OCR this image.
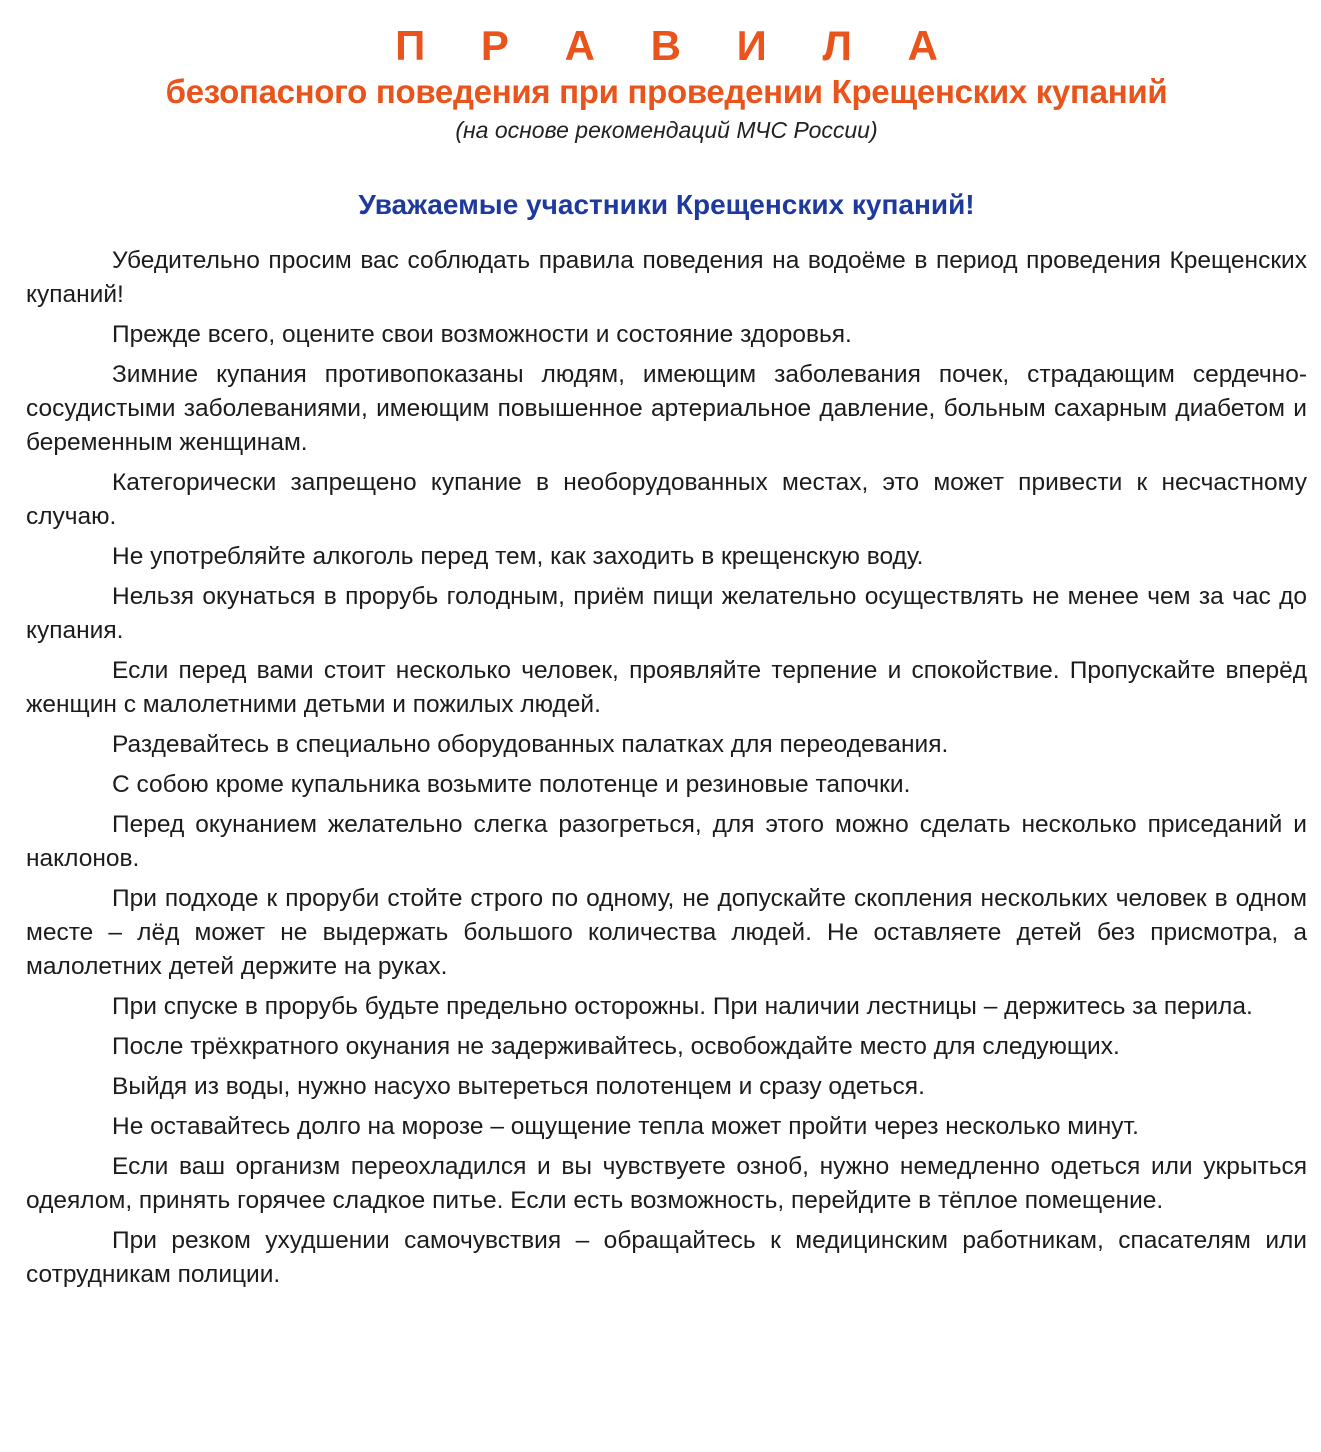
П Р А В И Л А
безопасного поведения при проведении Крещенских купаний
(на основе рекомендаций МЧС России)
Уважаемые участники Крещенских купаний!

Убедительно просим вас соблюдать правила поведения на водоёме в период проведения Крещенских купаний!

Прежде всего, оцените свои возможности и состояние здоровья.

Зимние купания противопоказаны людям, имеющим заболевания почек, страдающим сердечно-сосудистыми заболеваниями, имеющим повышенное артериальное давление, больным сахарным диабетом и беременным женщинам.

Категорически запрещено купание в необорудованных местах, это может привести к несчастному случаю.

Не употребляйте алкоголь перед тем, как заходить в крещенскую воду.

Нельзя окунаться в прорубь голодным, приём пищи желательно осуществлять не менее чем за час до купания.

Если перед вами стоит несколько человек, проявляйте терпение и спокойствие. Пропускайте вперёд женщин с малолетними детьми и пожилых людей.

Раздевайтесь в специально оборудованных палатках для переодевания.

С собою кроме купальника возьмите полотенце и резиновые тапочки.

Перед окунанием желательно слегка разогреться, для этого можно сделать несколько приседаний и наклонов.

При подходе к проруби стойте строго по одному, не допускайте скопления нескольких человек в одном месте – лёд может не выдержать большого количества людей. Не оставляете детей без присмотра, а малолетних детей держите на руках.

При спуске в прорубь будьте предельно осторожны. При наличии лестницы – держитесь за перила.

После трёхкратного окунания не задерживайтесь, освобождайте место для следующих.

Выйдя из воды, нужно насухо вытереться полотенцем и сразу одеться.

Не оставайтесь долго на морозе – ощущение тепла может пройти через несколько минут.

Если ваш организм переохладился и вы чувствуете озноб, нужно немедленно одеться или укрыться одеялом, принять горячее сладкое питье. Если есть возможность, перейдите в тёплое помещение.

При резком ухудшении самочувствия – обращайтесь к медицинским работникам, спасателям или сотрудникам полиции.
